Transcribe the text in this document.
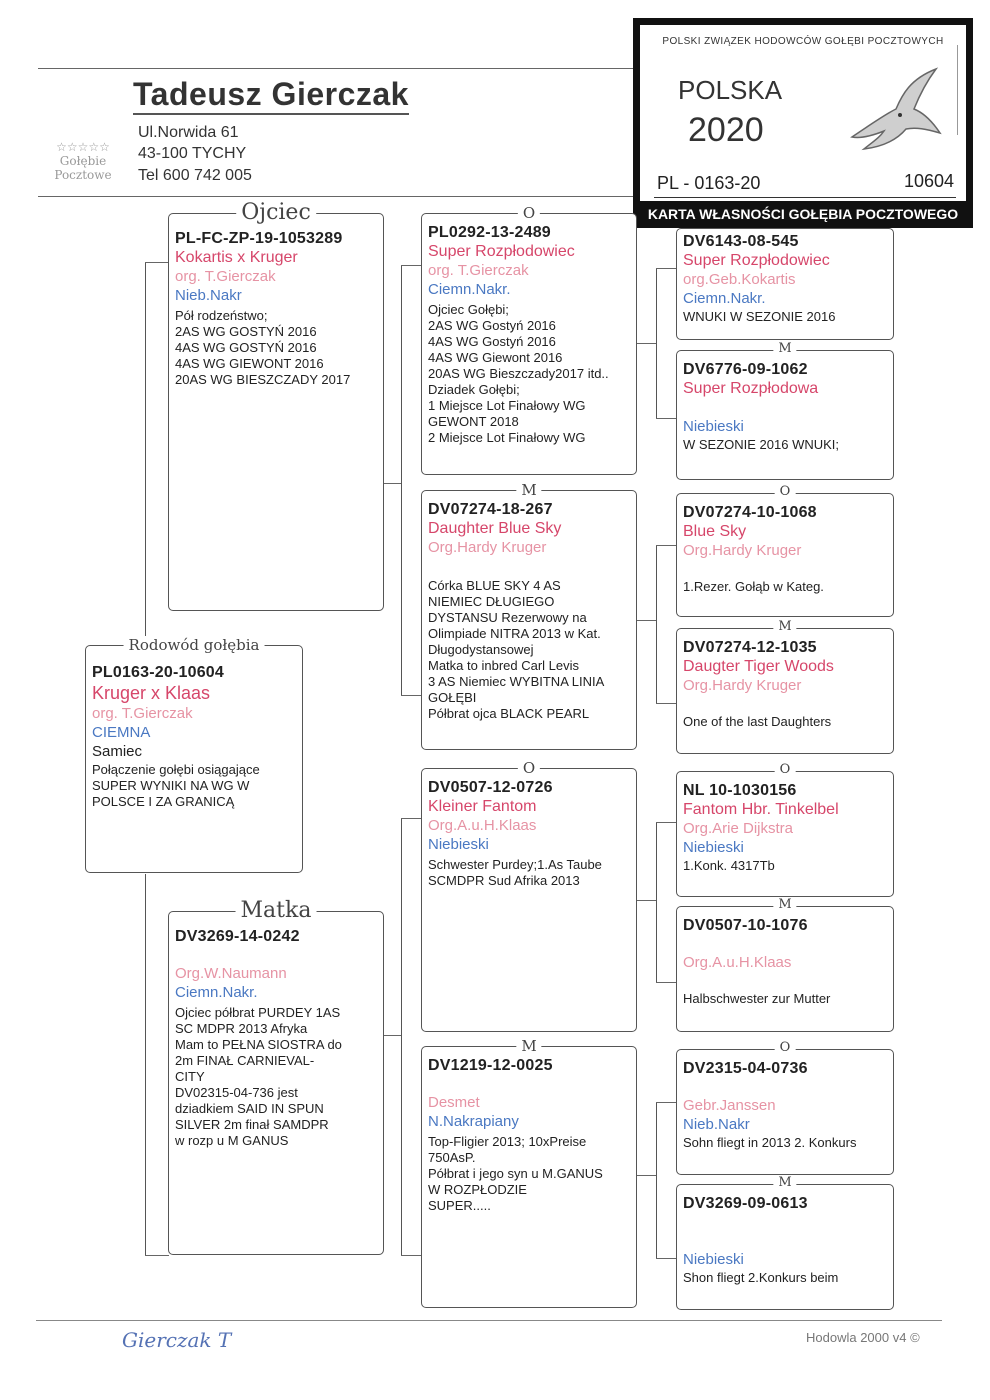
Tadeusz Gierczak
Ul.Norwida 61
43-100 TYCHY
Tel 600 742 005
☆☆☆☆☆
Gołębie
Pocztowe
POLSKI ZWIĄZEK HODOWCÓW GOŁĘBI POCZTOWYCH
POLSKA
2020
PL - 0163-20	10604
KARTA WŁASNOŚCI GOŁĘBIA POCZTOWEGO
Rodowód gołębia
PL0163-20-10604
Kruger x Klaas
org. T.Gierczak
CIEMNA
Samiec
Połączenie gołębi osiągające
SUPER WYNIKI NA WG W
POLSCE I ZA GRANICĄ
Ojciec
PL-FC-ZP-19-1053289
Kokartis x Kruger
org. T.Gierczak
Nieb.Nakr
Pół rodzeństwo;
2AS WG GOSTYŃ 2016
4AS WG GOSTYŃ 2016
4AS WG GIEWONT 2016
20AS WG BIESZCZADY 2017
Matka
DV3269-14-0242
Org.W.Naumann
Ciemn.Nakr.
Ojciec półbrat PURDEY 1AS
SC MDPR 2013 Afryka
Mam to PEŁNA SIOSTRA do
2m FINAŁ CARNIEVAL-
CITY
DV02315-04-736 jest
dziadkiem SAID IN SPUN
SILVER 2m finał SAMDPR
w rozp u M GANUS
O
PL0292-13-2489
Super Rozpłodowiec
org. T.Gierczak
Ciemn.Nakr.
Ojciec Gołębi;
2AS WG Gostyń 2016
4AS WG Gostyń 2016
4AS WG Giewont 2016
20AS WG Bieszczady2017 itd..
Dziadek Gołębi;
1 Miejsce Lot Finałowy WG
GEWONT 2018
2 Miejsce Lot Finałowy WG
M
DV07274-18-267
Daughter Blue Sky
Org.Hardy Kruger
Córka BLUE SKY 4 AS
NIEMIEC DŁUGIEGO
DYSTANSU Rezerwowy na
Olimpiade NITRA 2013 w Kat.
Długodystansowej
Matka to inbred Carl Levis
3 AS Niemiec WYBITNA LINIA
GOŁĘBI
Półbrat ojca BLACK PEARL
O
DV0507-12-0726
Kleiner Fantom
Org.A.u.H.Klaas
Niebieski
Schwester Purdey;1.As Taube
SCMDPR Sud Afrika 2013
M
DV1219-12-0025
Desmet
N.Nakrapiany
Top-Fligier 2013; 10xPreise
750AsP.
Półbrat i jego syn u M.GANUS
W ROZPŁODZIE
SUPER.....
DV6143-08-545
Super Rozpłodowiec
org.Geb.Kokartis
Ciemn.Nakr.
WNUKI W SEZONIE 2016
M
DV6776-09-1062
Super Rozpłodowa
Niebieski
W SEZONIE 2016 WNUKI;
O
DV07274-10-1068
Blue Sky
Org.Hardy Kruger
1.Rezer. Gołąb w Kateg.
M
DV07274-12-1035
Daugter Tiger Woods
Org.Hardy Kruger
One of the last Daughters
O
NL 10-1030156
Fantom Hbr. Tinkelbel
Org.Arie Dijkstra
Niebieski
1.Konk. 4317Tb
M
DV0507-10-1076
Org.A.u.H.Klaas
Halbschwester zur Mutter
O
DV2315-04-0736
Gebr.Janssen
Nieb.Nakr
Sohn fliegt in 2013 2. Konkurs
M
DV3269-09-0613
Niebieski
Shon fliegt 2.Konkurs beim
Gierczak T	Hodowla 2000 v4 ©
